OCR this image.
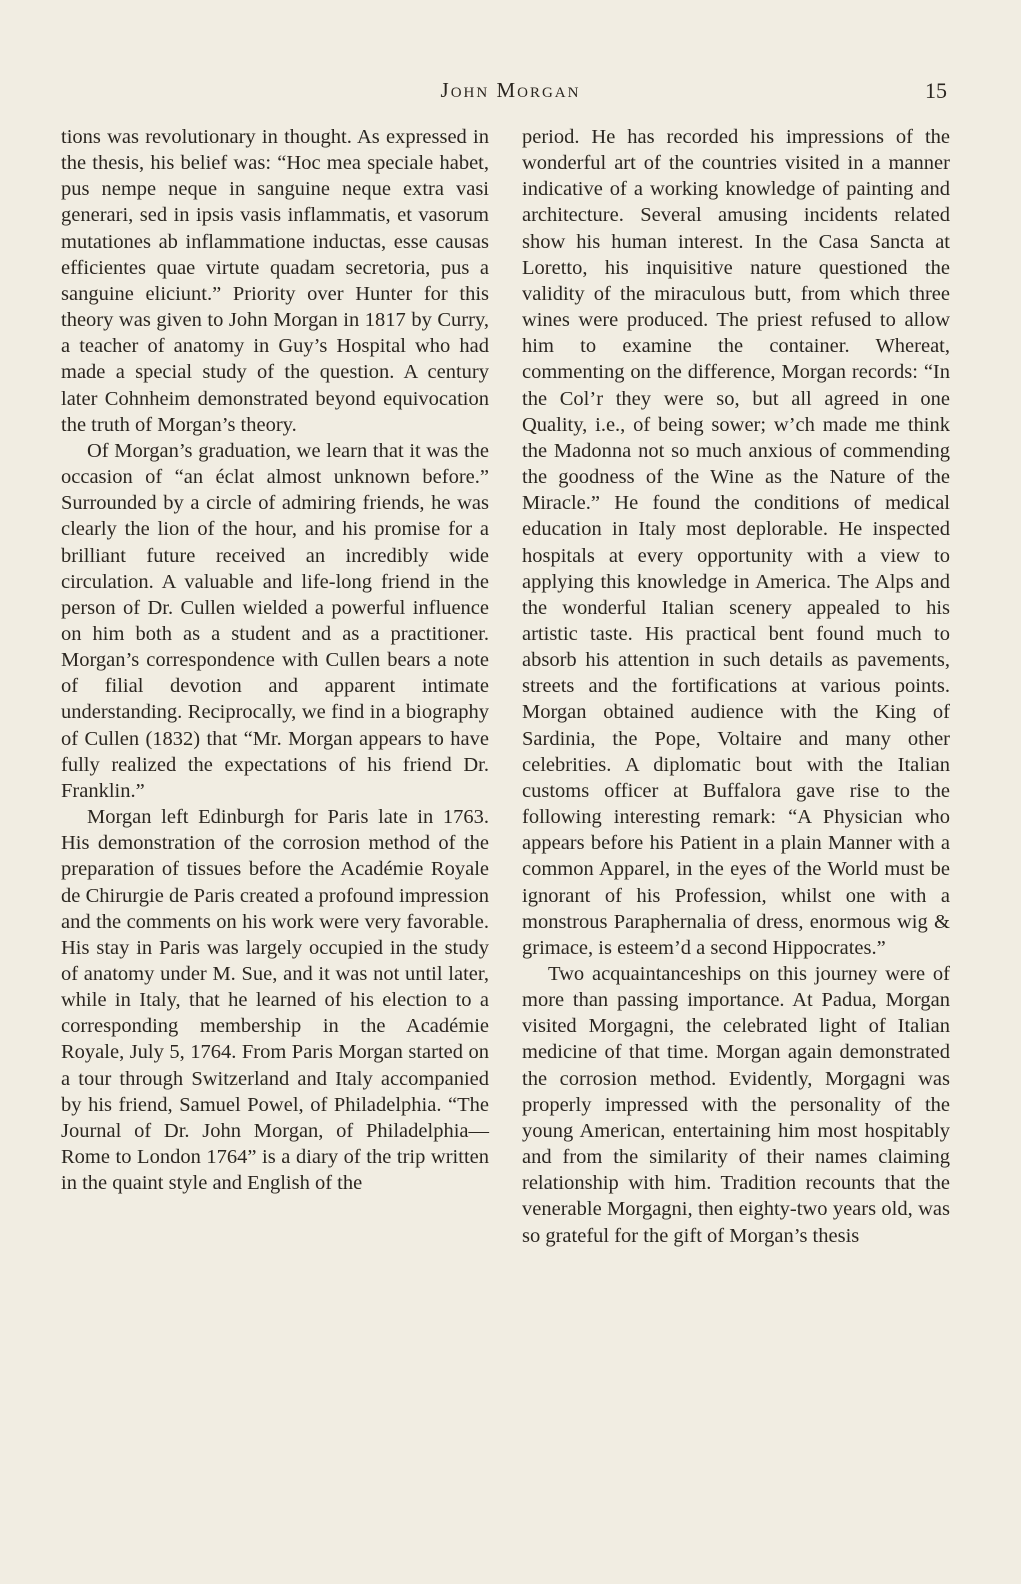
John Morgan	15

tions was revolutionary in thought. As expressed in the thesis, his belief was: “Hoc mea speciale habet, pus nempe neque in sanguine neque extra vasi generari, sed in ipsis vasis inflammatis, et vasorum mutationes ab inflammatione inductas, esse causas efficientes quae virtute quadam secretoria, pus a sanguine eliciunt.” Priority over Hunter for this theory was given to John Morgan in 1817 by Curry, a teacher of anatomy in Guy’s Hospital who had made a special study of the question. A century later Cohnheim demonstrated beyond equivocation the truth of Morgan’s theory.

Of Morgan’s graduation, we learn that it was the occasion of “an éclat almost unknown before.” Surrounded by a circle of admiring friends, he was clearly the lion of the hour, and his promise for a brilliant future received an incredibly wide circulation. A valuable and life-long friend in the person of Dr. Cullen wielded a powerful influence on him both as a student and as a practitioner. Morgan’s correspondence with Cullen bears a note of filial devotion and apparent intimate understanding. Reciprocally, we find in a biography of Cullen (1832) that “Mr. Morgan appears to have fully realized the expectations of his friend Dr. Franklin.”

Morgan left Edinburgh for Paris late in 1763. His demonstration of the corrosion method of the preparation of tissues before the Académie Royale de Chirurgie de Paris created a profound impression and the comments on his work were very favorable. His stay in Paris was largely occupied in the study of anatomy under M. Sue, and it was not until later, while in Italy, that he learned of his election to a corresponding membership in the Académie Royale, July 5, 1764. From Paris Morgan started on a tour through Switzerland and Italy accompanied by his friend, Samuel Powel, of Philadelphia. “The Journal of Dr. John Morgan, of Philadelphia—Rome to London 1764” is a diary of the trip written in the quaint style and English of the

period. He has recorded his impressions of the wonderful art of the countries visited in a manner indicative of a working knowledge of painting and architecture. Several amusing incidents related show his human interest. In the Casa Sancta at Loretto, his inquisitive nature questioned the validity of the miraculous butt, from which three wines were produced. The priest refused to allow him to examine the container. Whereat, commenting on the difference, Morgan records: “In the Col’r they were so, but all agreed in one Quality, i.e., of being sower; w’ch made me think the Madonna not so much anxious of commending the goodness of the Wine as the Nature of the Miracle.” He found the conditions of medical education in Italy most deplorable. He inspected hospitals at every opportunity with a view to applying this knowledge in America. The Alps and the wonderful Italian scenery appealed to his artistic taste. His practical bent found much to absorb his attention in such details as pavements, streets and the fortifications at various points. Morgan obtained audience with the King of Sardinia, the Pope, Voltaire and many other celebrities. A diplomatic bout with the Italian customs officer at Buffalora gave rise to the following interesting remark: “A Physician who appears before his Patient in a plain Manner with a common Apparel, in the eyes of the World must be ignorant of his Profession, whilst one with a monstrous Paraphernalia of dress, enormous wig & grimace, is esteem’d a second Hippocrates.”

Two acquaintanceships on this journey were of more than passing importance. At Padua, Morgan visited Morgagni, the celebrated light of Italian medicine of that time. Morgan again demonstrated the corrosion method. Evidently, Morgagni was properly impressed with the personality of the young American, entertaining him most hospitably and from the similarity of their names claiming relationship with him. Tradition recounts that the venerable Morgagni, then eighty-two years old, was so grateful for the gift of Morgan’s thesis
